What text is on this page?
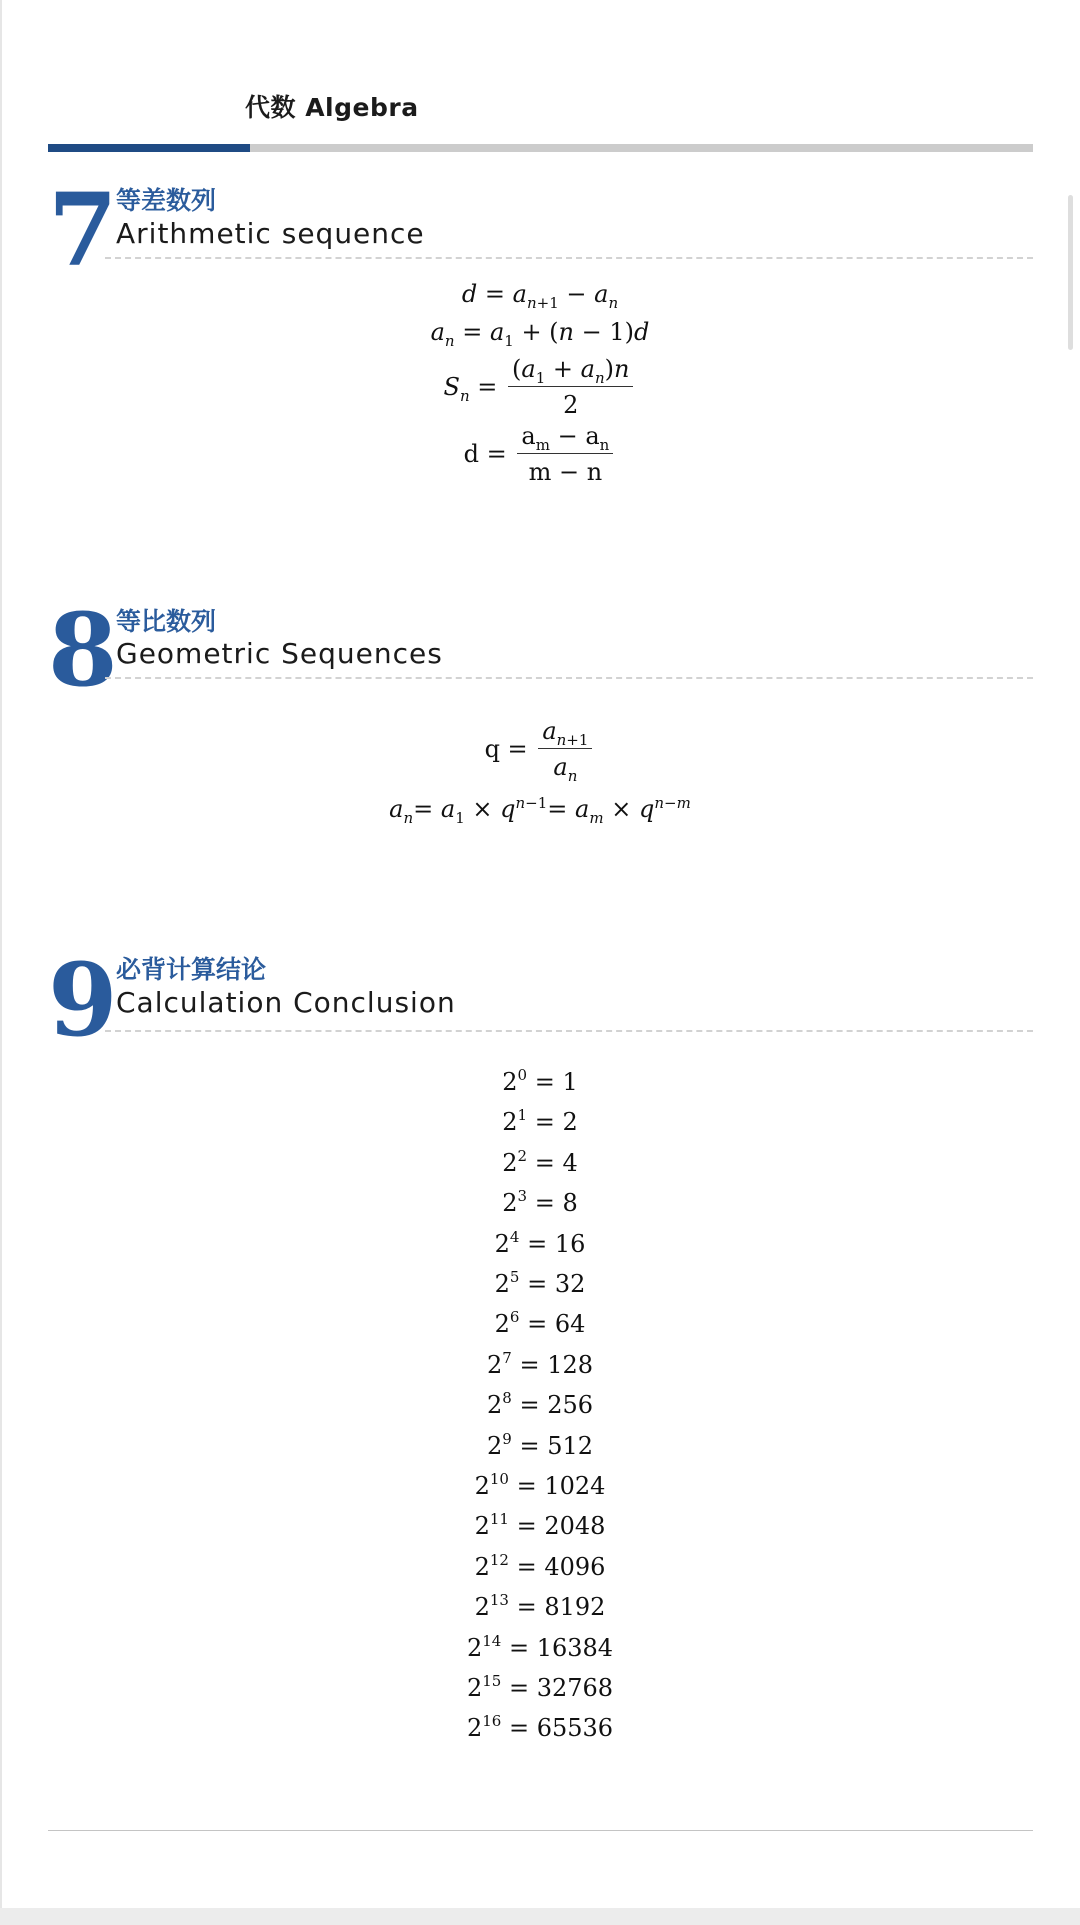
代数 Algebra
7
等差数列
Arithmetic sequence
$d = a_{n+1} - a_n$
$a_n = a_1 + (n - 1)d$
$S_n = \frac{(a_1 + a_n)n}{2}$
$d = \frac{a_m - a_n}{m - n}$
8
等比数列
Geometric Sequences
$q = \frac{a_{n+1}}{a_n}$
$a_n= a_1 \times q^{n-1}= a_m \times q^{n-m}$
9
必背计算结论
Calculation Conclusion
$2^0 = 1$
$2^1 = 2$
$2^2 = 4$
$2^3 = 8$
$2^4 = 16$
$2^5 = 32$
$2^6 = 64$
$2^7 = 128$
$2^8 = 256$
$2^9 = 512$
$2^{10} = 1024$
$2^{11} = 2048$
$2^{12} = 4096$
$2^{13} = 8192$
$2^{14} = 16384$
$2^{15} = 32768$
$2^{16} = 65536$
